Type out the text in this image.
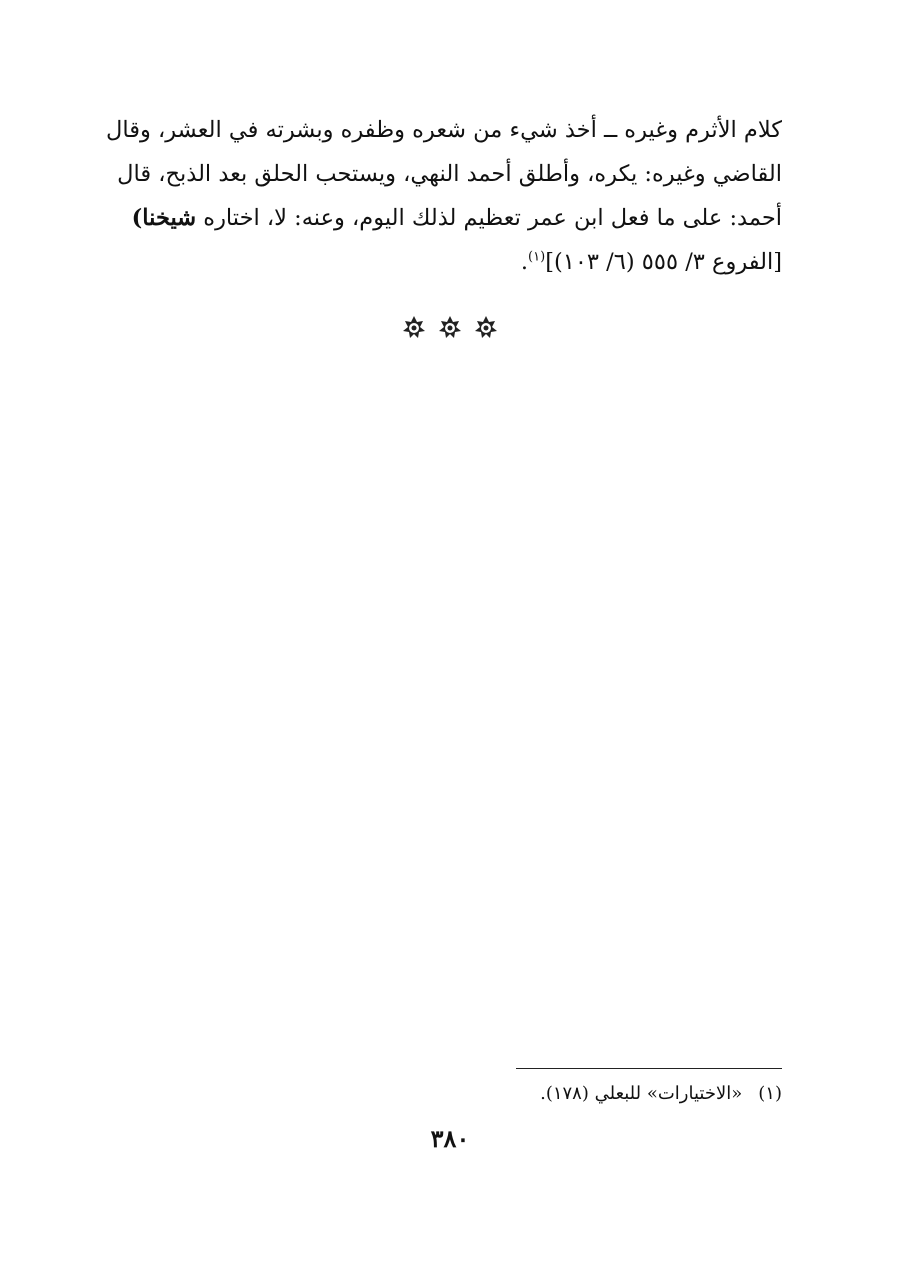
كلام الأثرم وغيره ــ أخذ شيء من شعره وظفره وبشرته في العشر، وقال
القاضي وغيره: يكره، وأطلق أحمد النهي، ويستحب الحلق بعد الذبح، قال
أحمد: على ما فعل ابن عمر تعظيم لذلك اليوم، وعنه: لا، اختاره شيخنا)
[الفروع ٣/ ٥٥٥ (٦/ ١٠٣)]$^{(١)}$.

(١)«الاختيارات» للبعلي (١٧٨).
٣٨٠
